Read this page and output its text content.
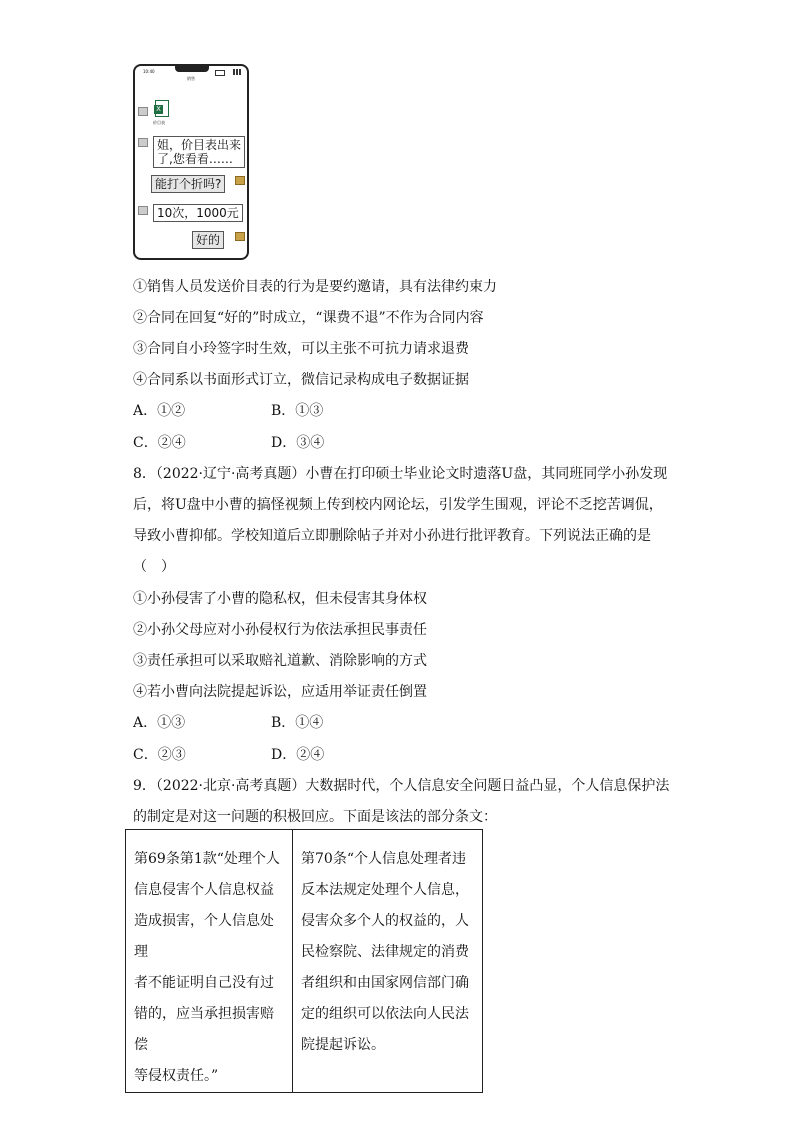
10:40
销售
X
价目表
姐，价目表出来
了,您看看……
能打个折吗?
10次，1000元
好的
①销售人员发送价目表的行为是要约邀请，具有法律约束力
②合同在回复“好的”时成立，“课费不退”不作为合同内容
③合同自小玲签字时生效，可以主张不可抗力请求退费
④合同系以书面形式订立，微信记录构成电子数据证据
A．①②	B．①③
C．②④	D．③④
8．（2022·辽宁·高考真题）小曹在打印硕士毕业论文时遗落U盘，其同班同学小孙发现
后，将U盘中小曹的搞怪视频上传到校内网论坛，引发学生围观，评论不乏挖苦调侃，
导致小曹抑郁。学校知道后立即删除帖子并对小孙进行批评教育。下列说法正确的是
（　）
①小孙侵害了小曹的隐私权，但未侵害其身体权
②小孙父母应对小孙侵权行为依法承担民事责任
③责任承担可以采取赔礼道歉、消除影响的方式
④若小曹向法院提起诉讼，应适用举证责任倒置
A．①③	B．①④
C．②③	D．②④
9．（2022·北京·高考真题）大数据时代，个人信息安全问题日益凸显，个人信息保护法
的制定是对这一问题的积极回应。下面是该法的部分条文：
第69条第1款“处理个人
信息侵害个人信息权益
造成损害，个人信息处理
者不能证明自己没有过
错的，应当承担损害赔偿
等侵权责任。”

第70条“个人信息处理者违
反本法规定处理个人信息，
侵害众多个人的权益的，人
民检察院、法律规定的消费
者组织和由国家网信部门确
定的组织可以依法向人民法
院提起诉讼。
